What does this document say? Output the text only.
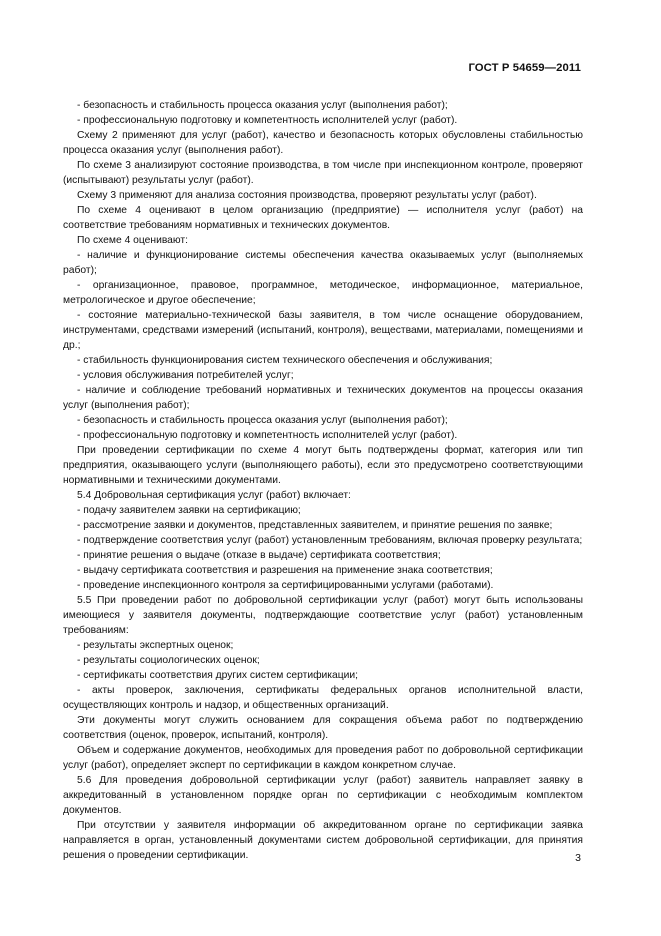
ГОСТ Р 54659—2011

- безопасность и стабильность процесса оказания услуг (выполнения работ);

- профессиональную подготовку и компетентность исполнителей услуг (работ).

Схему 2 применяют для услуг (работ), качество и безопасность которых обусловлены стабильностью процесса оказания услуг (выполнения работ).

По схеме 3 анализируют состояние производства, в том числе при инспекционном контроле, проверяют (испытывают) результаты услуг (работ).

Схему 3 применяют для анализа состояния производства, проверяют результаты услуг (работ).

По схеме 4 оценивают в целом организацию (предприятие) — исполнителя услуг (работ) на соответствие требованиям нормативных и технических документов.

По схеме 4 оценивают:

- наличие и функционирование системы обеспечения качества оказываемых услуг (выполняемых работ);

- организационное, правовое, программное, методическое, информационное, материальное, метрологическое и другое обеспечение;

- состояние материально-технической базы заявителя, в том числе оснащение оборудованием, инструментами, средствами измерений (испытаний, контроля), веществами, материалами, помещениями и др.;

- стабильность функционирования систем технического обеспечения и обслуживания;

- условия обслуживания потребителей услуг;

- наличие и соблюдение требований нормативных и технических документов на процессы оказания услуг (выполнения работ);

- безопасность и стабильность процесса оказания услуг (выполнения работ);

- профессиональную подготовку и компетентность исполнителей услуг (работ).

При проведении сертификации по схеме 4 могут быть подтверждены формат, категория или тип предприятия, оказывающего услуги (выполняющего работы), если это предусмотрено соответствующими нормативными и техническими документами.

5.4 Добровольная сертификация услуг (работ) включает:

- подачу заявителем заявки на сертификацию;

- рассмотрение заявки и документов, представленных заявителем, и принятие решения по заявке;

- подтверждение соответствия услуг (работ) установленным требованиям, включая проверку результата;

- принятие решения о выдаче (отказе в выдаче) сертификата соответствия;

- выдачу сертификата соответствия и разрешения на применение знака соответствия;

- проведение инспекционного контроля за сертифицированными услугами (работами).

5.5 При проведении работ по добровольной сертификации услуг (работ) могут быть использованы имеющиеся у заявителя документы, подтверждающие соответствие услуг (работ) установленным требованиям:

- результаты экспертных оценок;

- результаты социологических оценок;

- сертификаты соответствия других систем сертификации;

- акты проверок, заключения, сертификаты федеральных органов исполнительной власти, осуществляющих контроль и надзор, и общественных организаций.

Эти документы могут служить основанием для сокращения объема работ по подтверждению соответствия (оценок, проверок, испытаний, контроля).

Объем и содержание документов, необходимых для проведения работ по добровольной сертификации услуг (работ), определяет эксперт по сертификации в каждом конкретном случае.

5.6 Для проведения добровольной сертификации услуг (работ) заявитель направляет заявку в аккредитованный в установленном порядке орган по сертификации с необходимым комплектом документов.

При отсутствии у заявителя информации об аккредитованном органе по сертификации заявка направляется в орган, установленный документами систем добровольной сертификации, для принятия решения о проведении сертификации.	3
